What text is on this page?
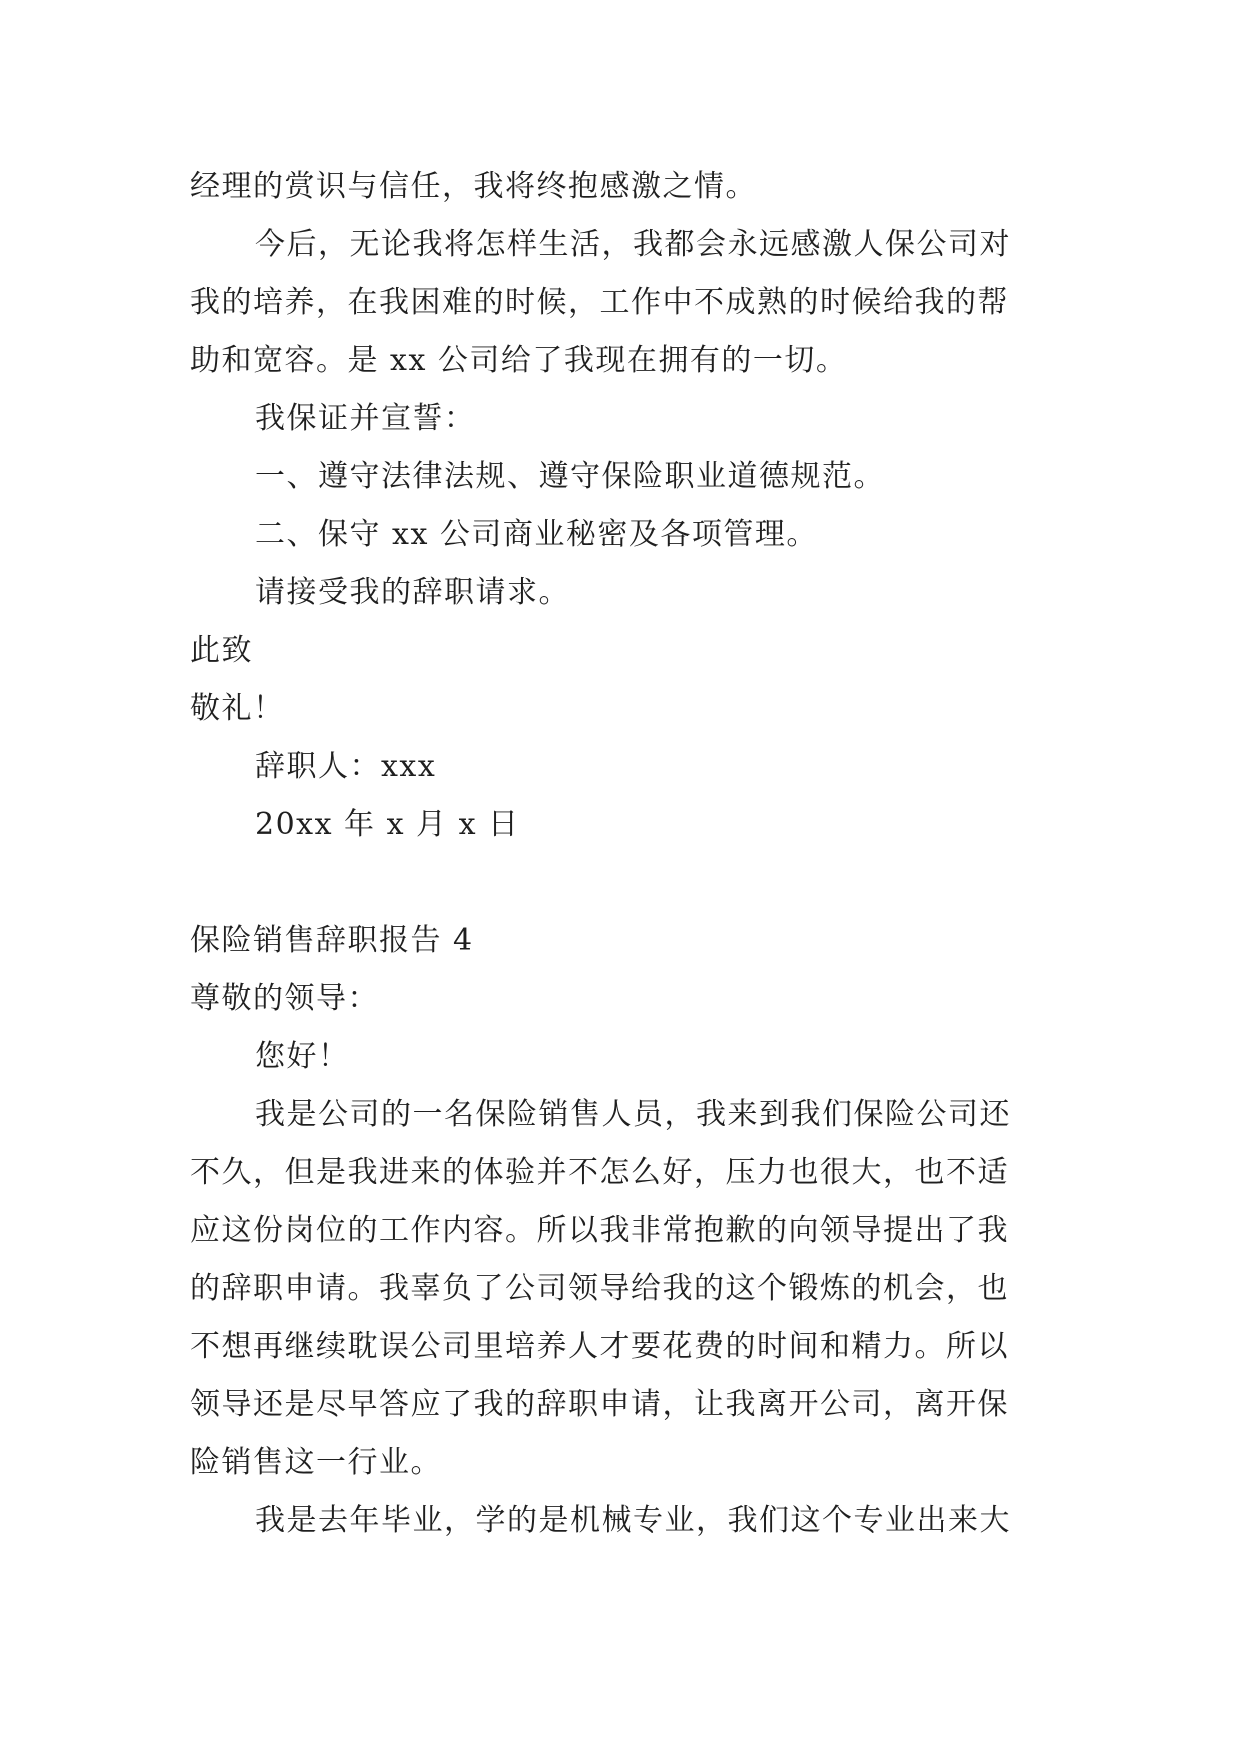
经理的赏识与信任，我将终抱感激之情。
今后，无论我将怎样生活，我都会永远感激人保公司对
我的培养，在我困难的时候，工作中不成熟的时候给我的帮
助和宽容。是 xx 公司给了我现在拥有的一切。
我保证并宣誓：
一、遵守法律法规、遵守保险职业道德规范。
二、保守 xx 公司商业秘密及各项管理。
请接受我的辞职请求。
此致
敬礼！
辞职人：xxx
20xx 年 x 月 x 日
保险销售辞职报告 4
尊敬的领导：
您好！
我是公司的一名保险销售人员，我来到我们保险公司还
不久，但是我进来的体验并不怎么好，压力也很大，也不适
应这份岗位的工作内容。所以我非常抱歉的向领导提出了我
的辞职申请。我辜负了公司领导给我的这个锻炼的机会，也
不想再继续耽误公司里培养人才要花费的时间和精力。所以
领导还是尽早答应了我的辞职申请，让我离开公司，离开保
险销售这一行业。
我是去年毕业，学的是机械专业，我们这个专业出来大
